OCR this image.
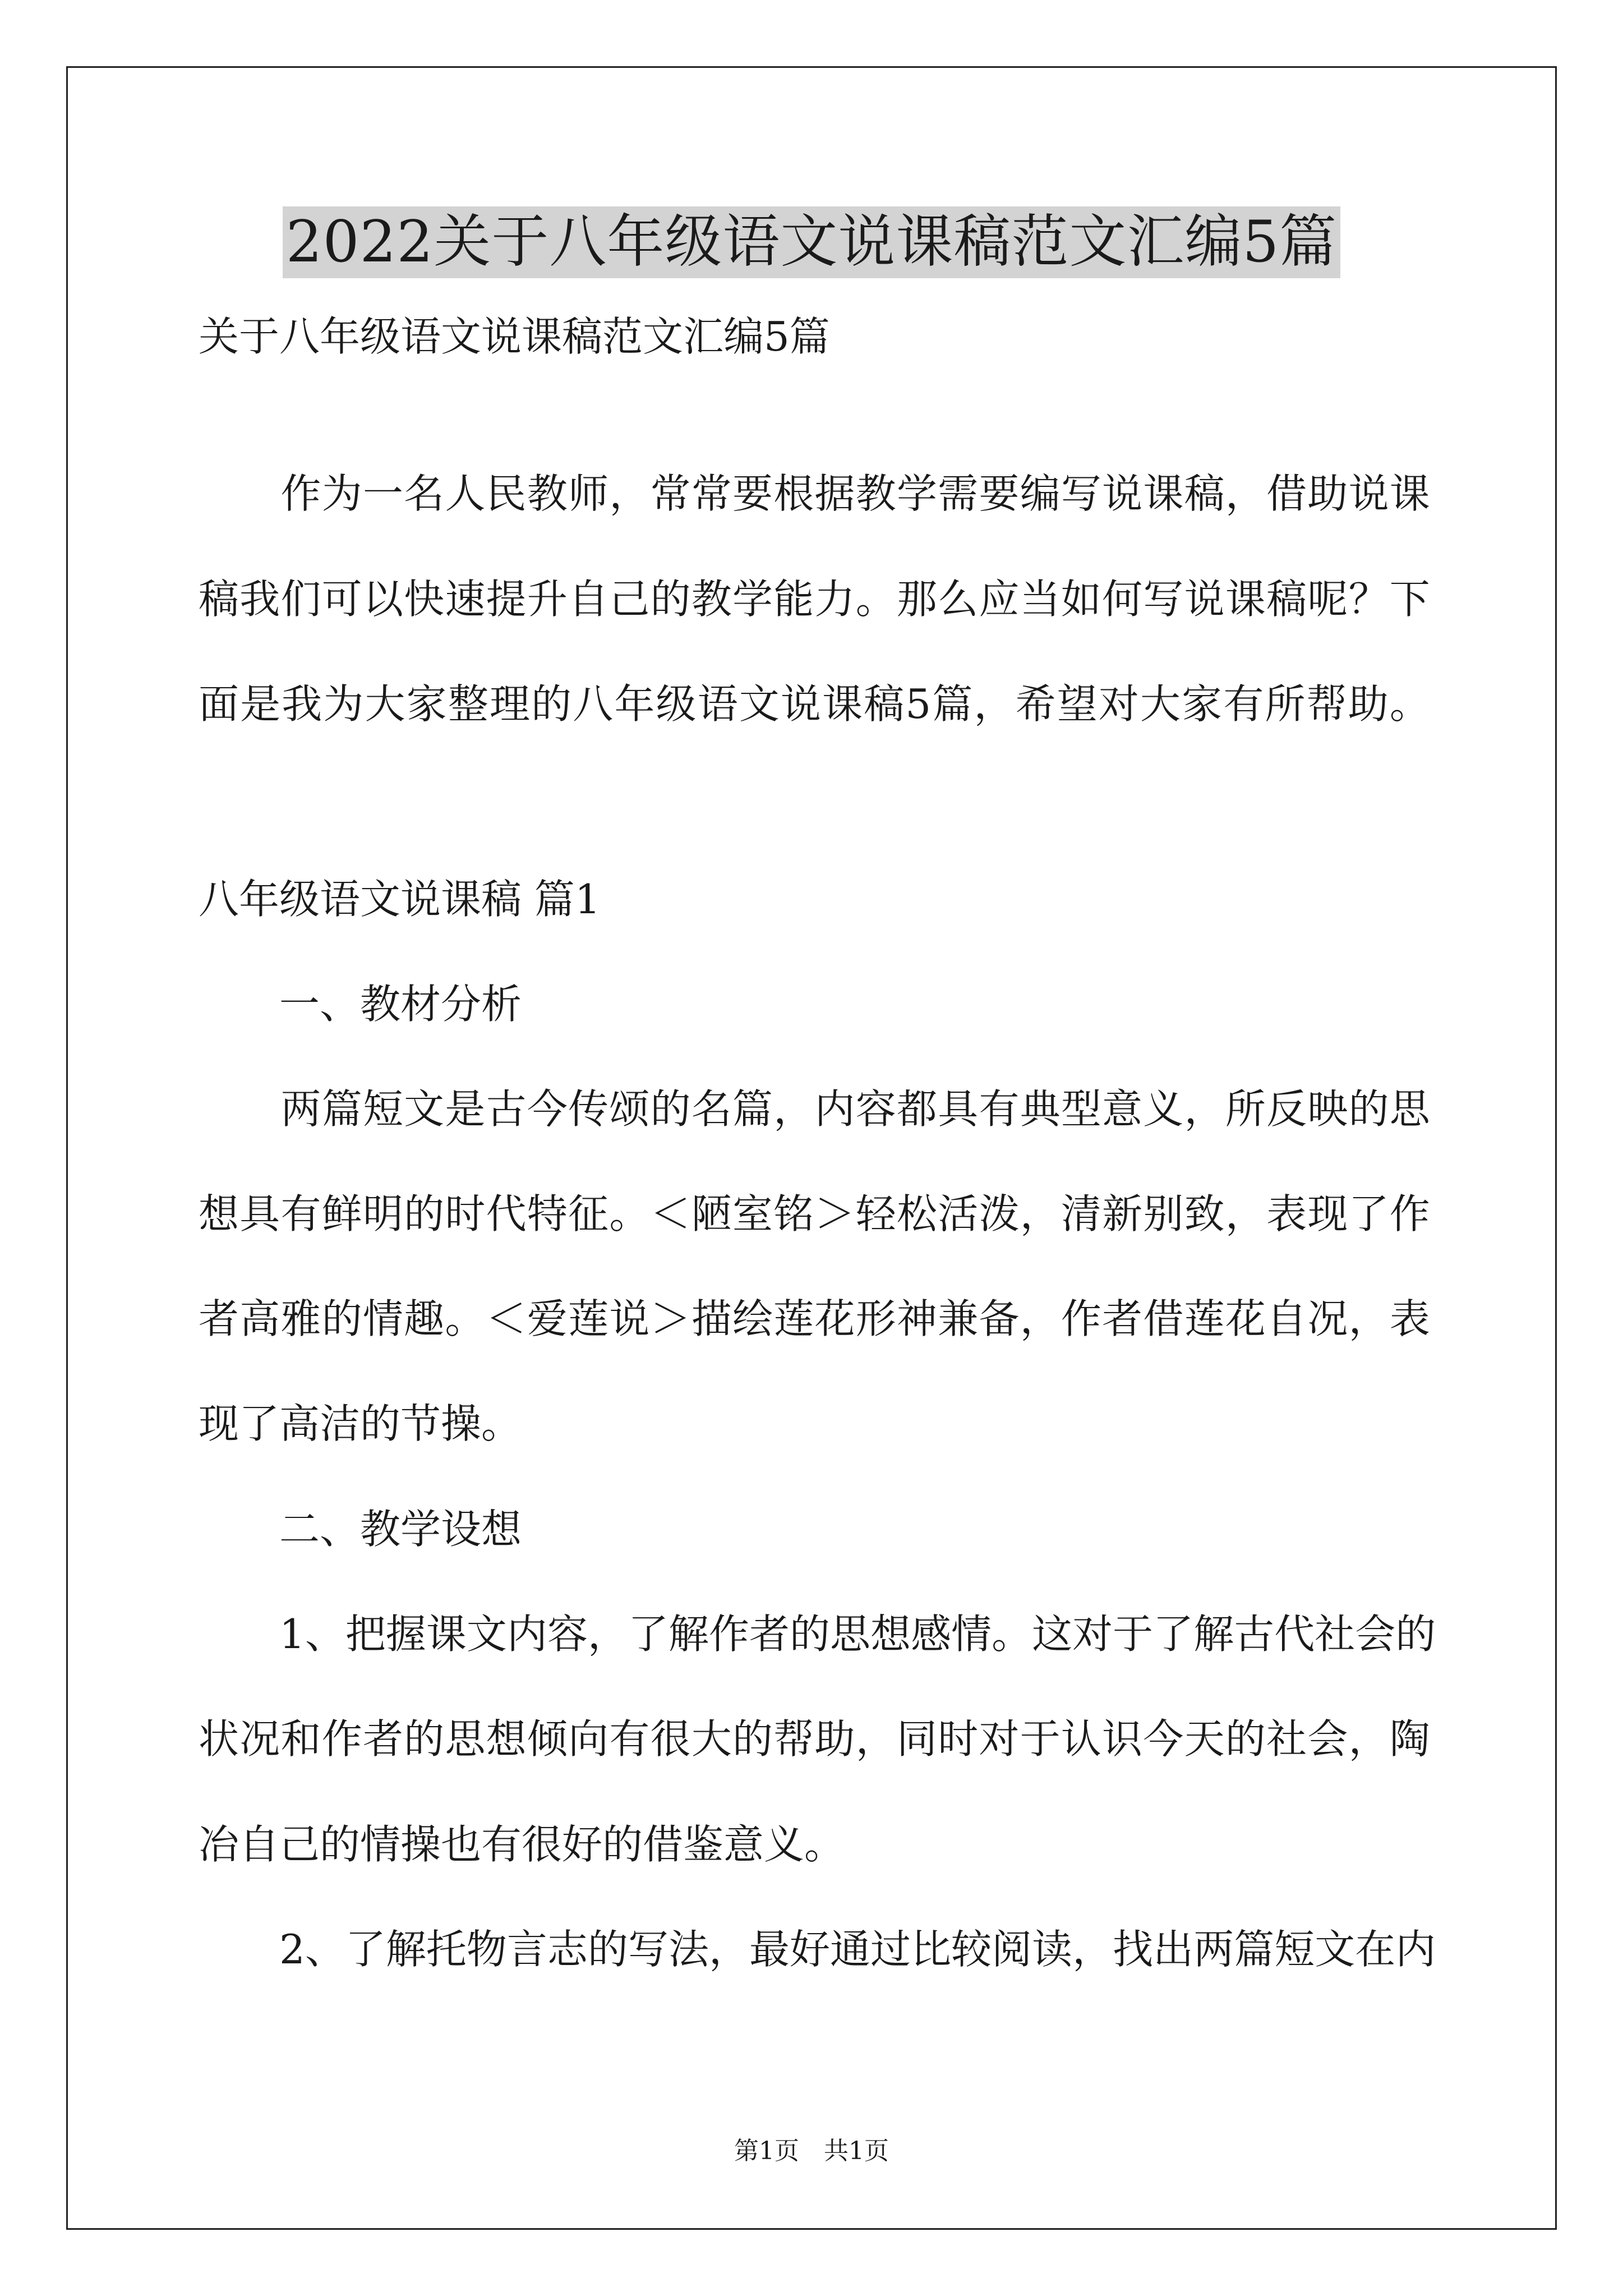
2022关于八年级语文说课稿范文汇编5篇
关于八年级语文说课稿范文汇编5篇

作 为 一 名 人 民 教 师 ， 常 常 要 根 据 教 学 需 要 编 写 说 课 稿 ， 借 助 说 课
稿 我 们 可 以 快 速 提 升 自 己 的 教 学 能 力 。 那 么 应 当 如 何 写 说 课 稿 呢 ？ 下
面 是 我 为 大 家 整 理 的 八 年 级 语 文 说 课 稿 5 篇 ， 希 望 对 大 家 有 所 帮 助 。
八年级语文说课稿 篇1
　　一、教材分析

两 篇 短 文 是 古 今 传 颂 的 名 篇 ， 内 容 都 具 有 典 型 意 义 ， 所 反 映 的 思
想 具 有 鲜 明 的 时 代 特 征 。 ＜ 陋 室 铭 ＞ 轻 松 活 泼 ， 清 新 别 致 ， 表 现 了 作
者 高 雅 的 情 趣 。 ＜ 爱 莲 说 ＞ 描 绘 莲 花 形 神 兼 备 ， 作 者 借 莲 花 自 况 ， 表
现了高洁的节操。
　　二、教学设想

1 、 把 握 课 文 内 容 ， 了 解 作 者 的 思 想 感 情 。 这 对 于 了 解 古 代 社 会 的
状 况 和 作 者 的 思 想 倾 向 有 很 大 的 帮 助 ， 同 时 对 于 认 识 今 天 的 社 会 ， 陶
冶自己的情操也有很好的借鉴意义。

2 、 了 解 托 物 言 志 的 写 法 ， 最 好 通 过 比 较 阅 读 ， 找 出 两 篇 短 文 在 内
第1页　共1页
